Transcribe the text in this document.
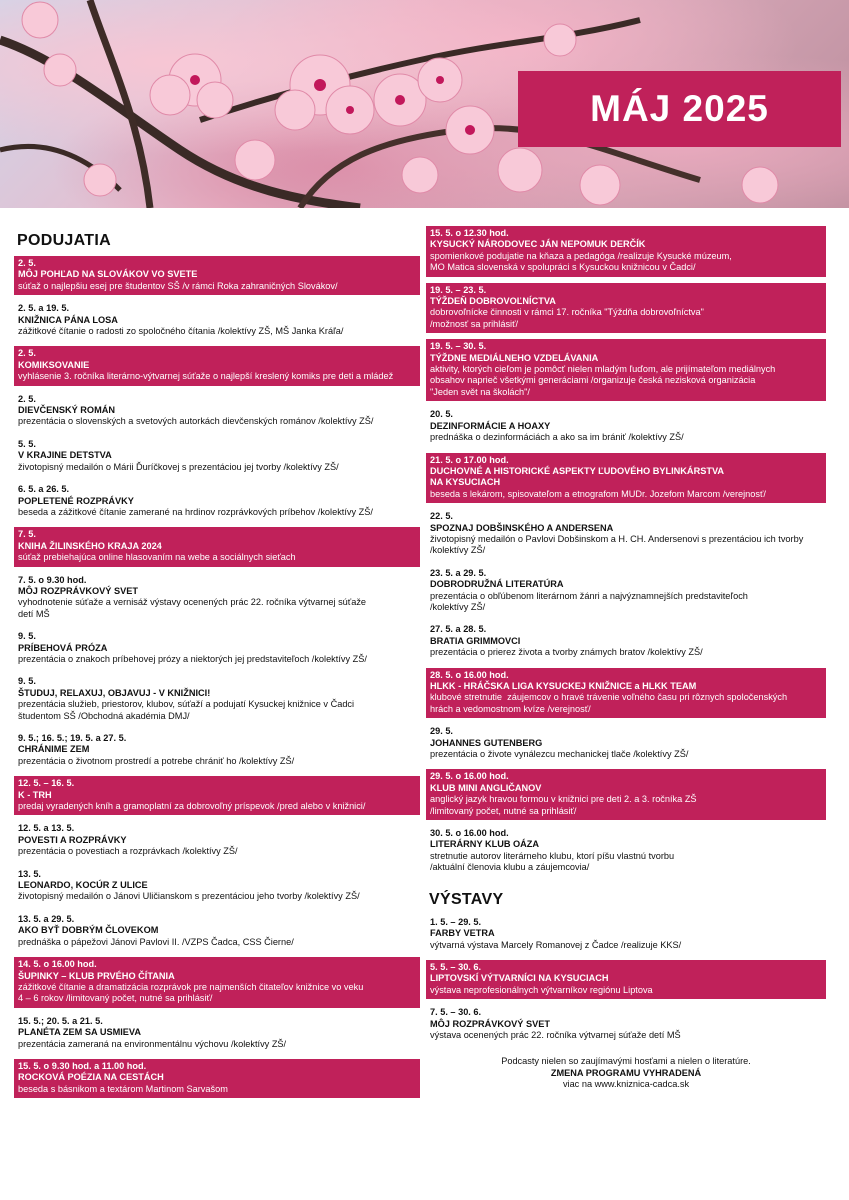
MÁJ 2025
PODUJATIA
2. 5.
MÔJ POHĽAD NA SLOVÁKOV VO SVETE
súťaž o najlepšiu esej pre študentov SŠ /v rámci Roka zahraničných Slovákov/
2. 5. a 19. 5.
KNIŽNICA PÁNA LOSA
zážitkové čítanie o radosti zo spoločného čítania /kolektívy ZŠ, MŠ Janka Kráľa/
2. 5.
KOMIKSOVANIE
vyhlásenie 3. ročníka literárno-výtvarnej súťaže o najlepší kreslený komiks pre deti a mládež
2. 5.
DIEVČENSKÝ ROMÁN
prezentácia o slovenských a svetových autorkách dievčenských románov /kolektívy ZŠ/
5. 5.
V KRAJINE DETSTVA
životopisný medailón o Márii Ďuríčkovej s prezentáciou jej tvorby /kolektívy ZŠ/
6. 5. a 26. 5.
POPLETENÉ ROZPRÁVKY
beseda a zážitkové čítanie zamerané na hrdinov rozprávkových príbehov /kolektívy ZŠ/
7. 5.
KNIHA ŽILINSKÉHO KRAJA 2024
súťaž prebiehajúca online hlasovaním na webe a sociálnych sieťach
7. 5. o 9.30 hod.
MÔJ ROZPRÁVKOVÝ SVET
vyhodnotenie súťaže a vernisáž výstavy ocenených prác 22. ročníka výtvarnej súťaže
detí MŠ
9. 5.
PRÍBEHOVÁ PRÓZA
prezentácia o znakoch príbehovej prózy a niektorých jej predstaviteľoch /kolektívy ZŠ/
9. 5.
ŠTUDUJ, RELAXUJ, OBJAVUJ - V KNIŽNICI!
prezentácia služieb, priestorov, klubov, súťaží a podujatí Kysuckej knižnice v Čadci
študentom SŠ /Obchodná akadémia DMJ/
9. 5.; 16. 5.; 19. 5. a 27. 5.
CHRÁNIME ZEM
prezentácia o životnom prostredí a potrebe chrániť ho /kolektívy ZŠ/
12. 5. – 16. 5.
K - TRH
predaj vyradených kníh a gramoplatní za dobrovoľný príspevok /pred alebo v knižnici/
12. 5. a 13. 5.
POVESTI A ROZPRÁVKY
prezentácia o povestiach a rozprávkach /kolektívy ZŠ/
13. 5.
LEONARDO, KOCÚR Z ULICE
životopisný medailón o Jánovi Uličianskom s prezentáciou jeho tvorby /kolektívy ZŠ/
13. 5. a 29. 5.
AKO BYŤ DOBRÝM ČLOVEKOM
prednáška o pápežovi Jánovi Pavlovi II. /VZPS Čadca, CSS Čierne/
14. 5. o 16.00 hod.
ŠUPINKY – KLUB PRVÉHO ČÍTANIA
zážitkové čítanie a dramatizácia rozprávok pre najmenších čitateľov knižnice vo veku
4 – 6 rokov /limitovaný počet, nutné sa prihlásiť/
15. 5.; 20. 5. a 21. 5.
PLANÉTA ZEM SA USMIEVA
prezentácia zameraná na environmentálnu výchovu /kolektívy ZŠ/
15. 5. o 9.30 hod. a 11.00 hod.
ROCKOVÁ POÉZIA NA CESTÁCH
beseda s básnikom a textárom Martinom Sarvašom
15. 5. o 12.30 hod.
KYSUCKÝ NÁRODOVEC JÁN NEPOMUK DERČÍK
spomienkové podujatie na kňaza a pedagóga /realizuje Kysucké múzeum,
MO Matica slovenská v spolupráci s Kysuckou knižnicou v Čadci/
19. 5. – 23. 5.
TÝŽDEŇ DOBROVOĽNÍCTVA
dobrovoľnícke činnosti v rámci 17. ročníka "Týždňa dobrovoľníctva"
/možnosť sa prihlásiť/
19. 5. – 30. 5.
TÝŽDNE MEDIÁLNEHO VZDELÁVANIA
aktivity, ktorých cieľom je pomôcť nielen mladým ľuďom, ale prijímateľom mediálnych
obsahov naprieč všetkými generáciami /organizuje česká nezisková organizácia
"Jeden svět na školách"/
20. 5.
DEZINFORMÁCIE A HOAXY
prednáška o dezinformáciách a ako sa im brániť /kolektívy ZŠ/
21. 5. o 17.00 hod.
DUCHOVNÉ A HISTORICKÉ ASPEKTY ĽUDOVÉHO BYLINKÁRSTVA
NA KYSUCIACH
beseda s lekárom, spisovateľom a etnografom MUDr. Jozefom Marcom /verejnosť/
22. 5.
SPOZNAJ DOBŠINSKÉHO A ANDERSENA
životopisný medailón o Pavlovi Dobšinskom a H. CH. Andersenovi s prezentáciou ich tvorby
/kolektívy ZŠ/
23. 5. a 29. 5.
DOBRODRUŽNÁ LITERATÚRA
prezentácia o obľúbenom literárnom žánri a najvýznamnejších predstaviteľoch
/kolektívy ZŠ/
27. 5. a 28. 5.
BRATIA GRIMMOVCI
prezentácia o prierez života a tvorby známych bratov /kolektívy ZŠ/
28. 5. o 16.00 hod.
HLKK - HRÁČSKA LIGA KYSUCKEJ KNIŽNICE a HLKK TEAM
klubové stretnutie  záujemcov o hravé trávenie voľného času pri rôznych spoločenských
hrách a vedomostnom kvíze /verejnosť/
29. 5.
JOHANNES GUTENBERG
prezentácia o živote vynálezcu mechanickej tlače /kolektívy ZŠ/
29. 5. o 16.00 hod.
KLUB MINI ANGLIČANOV
anglický jazyk hravou formou v knižnici pre deti 2. a 3. ročníka ZŠ
/limitovaný počet, nutné sa prihlásiť/
30. 5. o 16.00 hod.
LITERÁRNY KLUB OÁZA
stretnutie autorov literárneho klubu, ktorí píšu vlastnú tvorbu
/aktuální členovia klubu a záujemcovia/
VÝSTAVY
1. 5. – 29. 5.
FARBY VETRA
výtvarná výstava Marcely Romanovej z Čadce /realizuje KKS/
5. 5. – 30. 6.
LIPTOVSKÍ VÝTVARNÍCI NA KYSUCIACH
výstava neprofesionálnych výtvarníkov regiónu Liptova
7. 5. – 30. 6.
MÔJ ROZPRÁVKOVÝ SVET
výstava ocenených prác 22. ročníka výtvarnej súťaže detí MŠ
Podcasty nielen so zaujímavými hosťami a nielen o literatúre.
ZMENA PROGRAMU VYHRADENÁ
viac na www.kniznica-cadca.sk
